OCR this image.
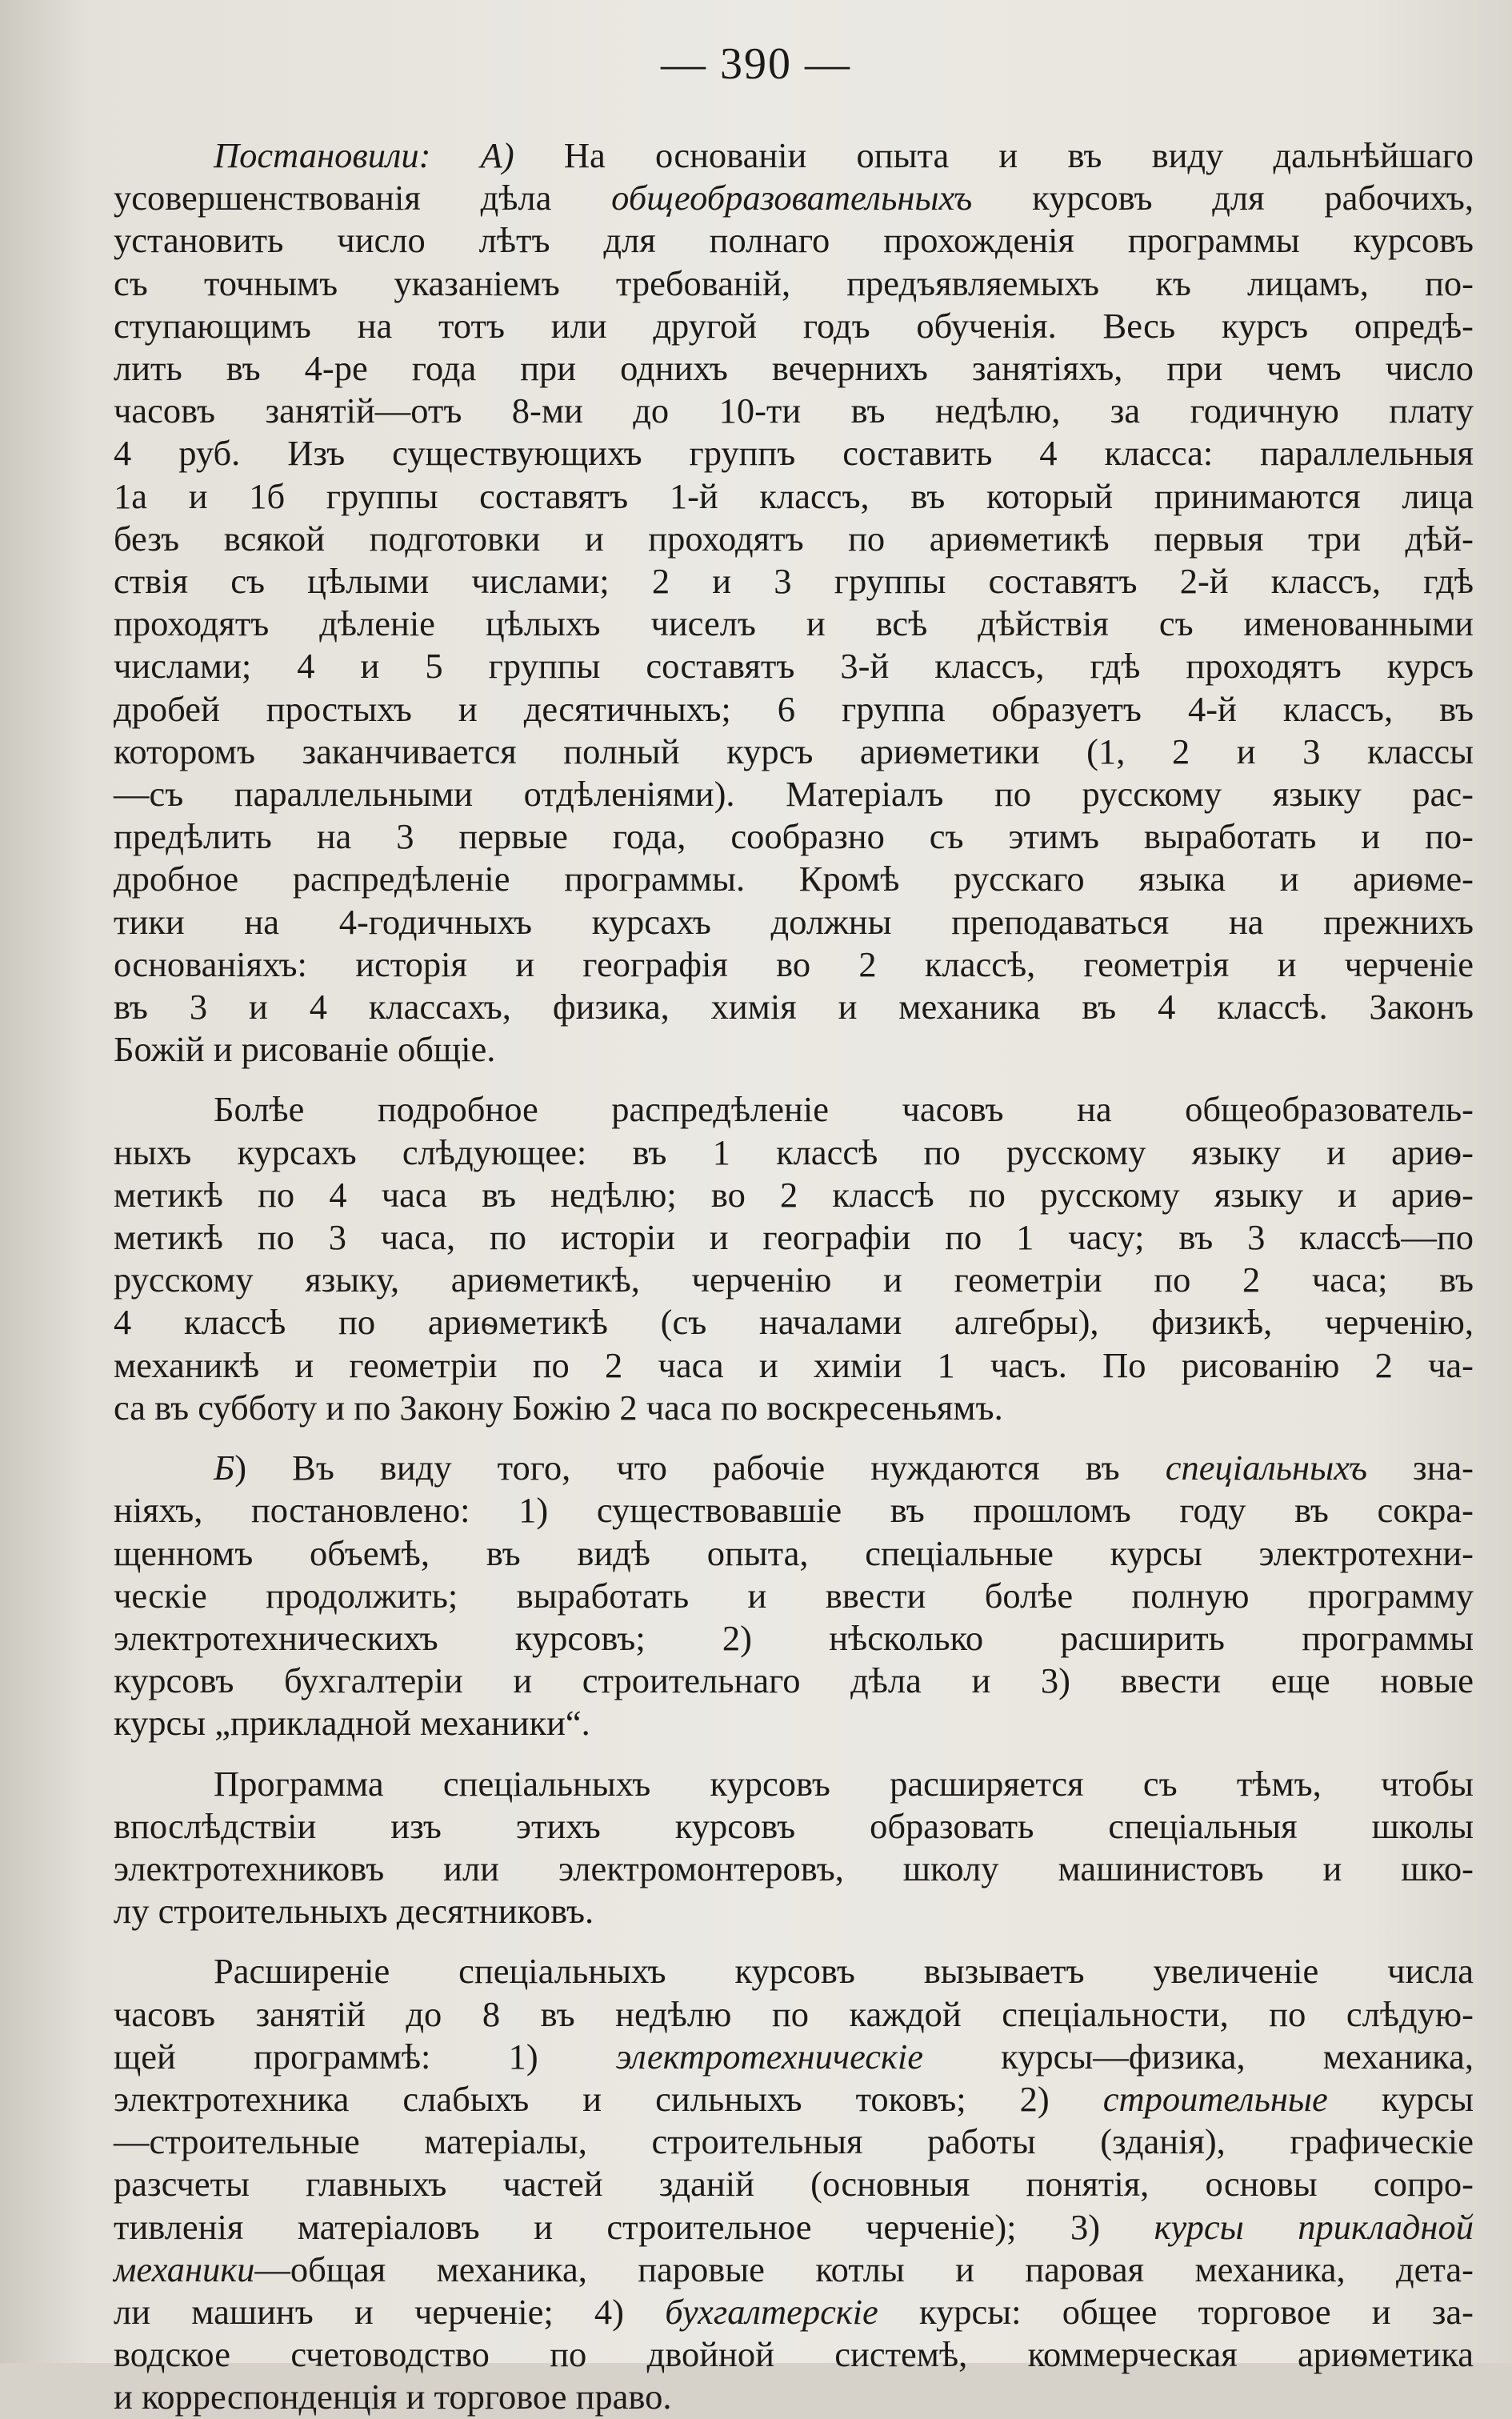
— 390 —
Постановили: А) На основаніи опыта и въ виду дальнѣйшаго
усовершенствованія дѣла общеобразовательныхъ курсовъ для рабочихъ,
установить число лѣтъ для полнаго прохожденія программы курсовъ
съ точнымъ указаніемъ требованій, предъявляемыхъ къ лицамъ, по-
ступающимъ на тотъ или другой годъ обученія. Весь курсъ опредѣ-
лить въ 4-ре года при однихъ вечернихъ занятіяхъ, при чемъ число
часовъ занятій—отъ 8-ми до 10-ти въ недѣлю, за годичную плату
4 руб. Изъ существующихъ группъ составить 4 класса: параллельныя
1а и 1б группы составятъ 1-й классъ, въ который принимаются лица
безъ всякой подготовки и проходятъ по ариѳметикѣ первыя три дѣй-
ствія съ цѣлыми числами; 2 и 3 группы составятъ 2-й классъ, гдѣ
проходятъ дѣленіе цѣлыхъ чиселъ и всѣ дѣйствія съ именованными
числами; 4 и 5 группы составятъ 3-й классъ, гдѣ проходятъ курсъ
дробей простыхъ и десятичныхъ; 6 группа образуетъ 4-й классъ, въ
которомъ заканчивается полный курсъ ариѳметики (1, 2 и 3 классы
—съ параллельными отдѣленіями). Матеріалъ по русскому языку рас-
предѣлить на 3 первые года, сообразно съ этимъ выработать и по-
дробное распредѣленіе программы. Кромѣ русскаго языка и ариѳме-
тики на 4-годичныхъ курсахъ должны преподаваться на прежнихъ
основаніяхъ: исторія и географія во 2 классѣ, геометрія и черченіе
въ 3 и 4 классахъ, физика, химія и механика въ 4 классѣ. Законъ
Божій и рисованіе общіе.
Болѣе подробное распредѣленіе часовъ на общеобразователь-
ныхъ курсахъ слѣдующее: въ 1 классѣ по русскому языку и ариѳ-
метикѣ по 4 часа въ недѣлю; во 2 классѣ по русскому языку и ариѳ-
метикѣ по 3 часа, по исторіи и географіи по 1 часу; въ 3 классѣ—по
русскому языку, ариѳметикѣ, черченію и геометріи по 2 часа; въ
4 классѣ по ариѳметикѣ (съ началами алгебры), физикѣ, черченію,
механикѣ и геометріи по 2 часа и химіи 1 часъ. По рисованію 2 ча-
са въ субботу и по Закону Божію 2 часа по воскресеньямъ.
Б) Въ виду того, что рабочіе нуждаются въ спеціальныхъ зна-
ніяхъ, постановлено: 1) существовавшіе въ прошломъ году въ сокра-
щенномъ объемѣ, въ видѣ опыта, спеціальные курсы электротехни-
ческіе продолжить; выработать и ввести болѣе полную программу
электротехническихъ курсовъ; 2) нѣсколько расширить программы
курсовъ бухгалтеріи и строительнаго дѣла и 3) ввести еще новые
курсы „прикладной механики“.
Программа спеціальныхъ курсовъ расширяется съ тѣмъ, чтобы
впослѣдствіи изъ этихъ курсовъ образовать спеціальныя школы
электротехниковъ или электромонтеровъ, школу машинистовъ и шко-
лу строительныхъ десятниковъ.
Расширеніе спеціальныхъ курсовъ вызываетъ увеличеніе числа
часовъ занятій до 8 въ недѣлю по каждой спеціальности, по слѣдую-
щей программѣ: 1) электротехническіе курсы—физика, механика,
электротехника слабыхъ и сильныхъ токовъ; 2) строительные курсы
—строительные матеріалы, строительныя работы (зданія), графическіе
разсчеты главныхъ частей зданій (основныя понятія, основы сопро-
тивленія матеріаловъ и строительное черченіе); 3) курсы прикладной
механики—общая механика, паровые котлы и паровая механика, дета-
ли машинъ и черченіе; 4) бухгалтерскіе курсы: общее торговое и за-
водское счетоводство по двойной системѣ, коммерческая ариѳметика
и корреспонденція и торговое право.
